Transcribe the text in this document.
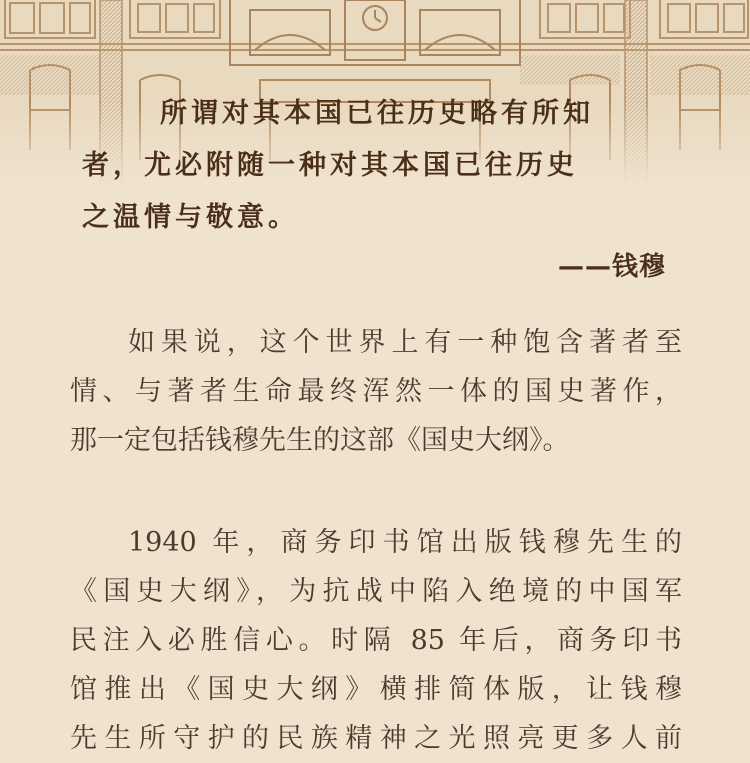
所谓对其本国已往历史略有所知
者，尤必附随一种对其本国已往历史
之温情与敬意。
——钱穆
如果说，这个世界上有一种饱含著者至
情、与著者生命最终浑然一体的国史著作，
那一定包括钱穆先生的这部《国史大纲》。
1940 年，商务印书馆出版钱穆先生的
《国史大纲》，为抗战中陷入绝境的中国军
民注入必胜信心。时隔 85 年后，商务印书
馆推出《国史大纲》横排简体版，让钱穆
先生所守护的民族精神之光照亮更多人前
